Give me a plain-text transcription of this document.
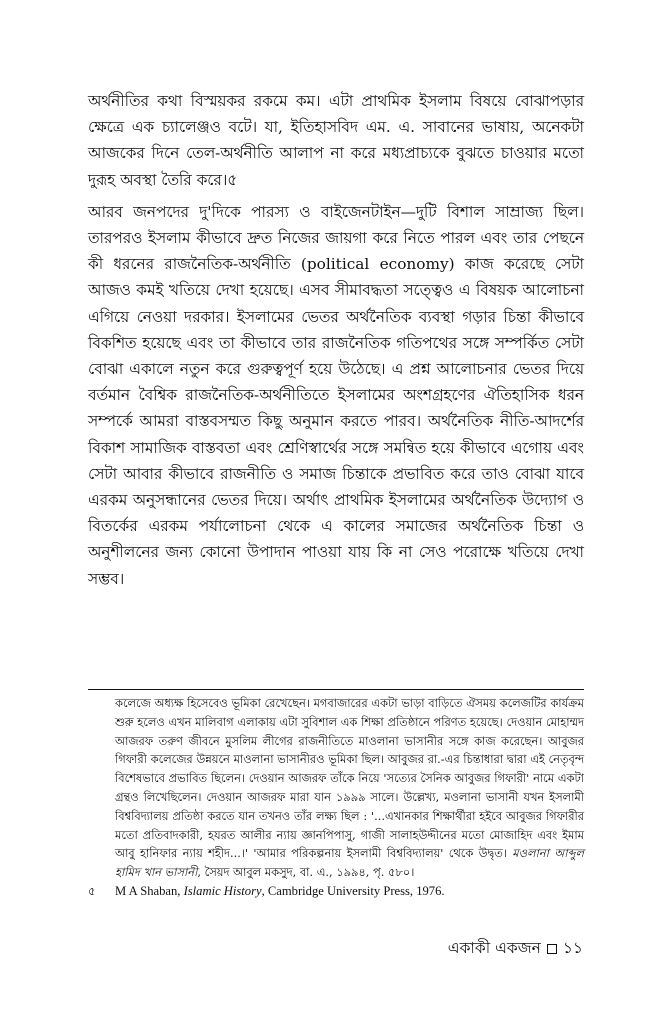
অর্থনীতির কথা বিস্ময়কর রকমে কম। এটা প্রাথমিক ইসলাম বিষয়ে বোঝাপড়ার ক্ষেত্রে এক চ্যালেঞ্জও বটে। যা, ইতিহাসবিদ এম. এ. সাবানের ভাষায়, অনেকটা আজকের দিনে তেল-অর্থনীতি আলাপ না করে মধ্যপ্রাচ্যকে বুঝতে চাওয়ার মতো দুরূহ অবস্থা তৈরি করে।৫

আরব জনপদের দু'দিকে পারস্য ও বাইজেনটাইন—দুটি বিশাল সাম্রাজ্য ছিল। তারপরও ইসলাম কীভাবে দ্রুত নিজের জায়গা করে নিতে পারল এবং তার পেছনে কী ধরনের রাজনৈতিক-অর্থনীতি (political economy) কাজ করেছে সেটা আজও কমই খতিয়ে দেখা হয়েছে। এসব সীমাবদ্ধতা সত্ত্বেও এ বিষয়ক আলোচনা এগিয়ে নেওয়া দরকার। ইসলামের ভেতর অর্থনৈতিক ব্যবস্থা গড়ার চিন্তা কীভাবে বিকশিত হয়েছে এবং তা কীভাবে তার রাজনৈতিক গতিপথের সঙ্গে সম্পর্কিত সেটা বোঝা একালে নতুন করে গুরুত্বপূর্ণ হয়ে উঠেছে। এ প্রশ্ন আলোচনার ভেতর দিয়ে বর্তমান বৈশ্বিক রাজনৈতিক-অর্থনীতিতে ইসলামের অংশগ্রহণের ঐতিহাসিক ধরন সম্পর্কে আমরা বাস্তবসম্মত কিছু অনুমান করতে পারব। অর্থনৈতিক নীতি-আদর্শের বিকাশ সামাজিক বাস্তবতা এবং শ্রেণিস্বার্থের সঙ্গে সমন্বিত হয়ে কীভাবে এগোয় এবং সেটা আবার কীভাবে রাজনীতি ও সমাজ চিন্তাকে প্রভাবিত করে তাও বোঝা যাবে এরকম অনুসন্ধানের ভেতর দিয়ে। অর্থাৎ প্রাথমিক ইসলামের অর্থনৈতিক উদ্যোগ ও বিতর্কের এরকম পর্যালোচনা থেকে এ কালের সমাজের অর্থনৈতিক চিন্তা ও অনুশীলনের জন্য কোনো উপাদান পাওয়া যায় কি না সেও পরোক্ষে খতিয়ে দেখা সম্ভব।

কলেজে অধ্যক্ষ হিসেবেও ভূমিকা রেখেছেন। মগবাজারের একটা ভাড়া বাড়িতে ঐসময় কলেজটির কার্যক্রম শুরু হলেও এখন মালিবাগ এলাকায় এটা সুবিশাল এক শিক্ষা প্রতিষ্ঠানে পরিণত হয়েছে। দেওয়ান মোহাম্মদ আজরফ তরুণ জীবনে মুসলিম লীগের রাজনীতিতে মাওলানা ভাসানীর সঙ্গে কাজ করেছেন। আবুজর গিফারী কলেজের উন্নয়নে মাওলানা ভাসানীরও ভূমিকা ছিল। আবুজর রা.-এর চিন্তাধারা দ্বারা এই নেতৃবৃন্দ বিশেষভাবে প্রভাবিত ছিলেন। দেওয়ান আজরফ তাঁকে নিয়ে 'সত্যের সৈনিক আবুজর গিফারী' নামে একটা গ্রন্থও লিখেছিলেন। দেওয়ান আজরফ মারা যান ১৯৯৯ সালে। উল্লেখ্য, মওলানা ভাসানী যখন ইসলামী বিশ্ববিদ্যালয় প্রতিষ্ঠা করতে যান তখনও তাঁর লক্ষ্য ছিল : '...এখানকার শিক্ষার্থীরা হইবে আবুজর গিফারীর মতো প্রতিবাদকারী, হযরত আলীর ন্যায় জ্ঞানপিপাসু, গাজী সালাহউদ্দীনের মতো মোজাহিদ এবং ইমাম আবু হানিফার ন্যায় শহীদ...।' 'আমার পরিকল্পনায় ইসলামী বিশ্ববিদ্যালয়' থেকে উদ্বৃত। মওলানা আব্দুল হামিদ খান ভাসানী, সৈয়দ আবুল মকসুদ, বা. এ., ১৯৯৪, পৃ. ৫৮০।

৫	M A Shaban, Islamic History, Cambridge University Press, 1976.
একাকী একজন ১১
